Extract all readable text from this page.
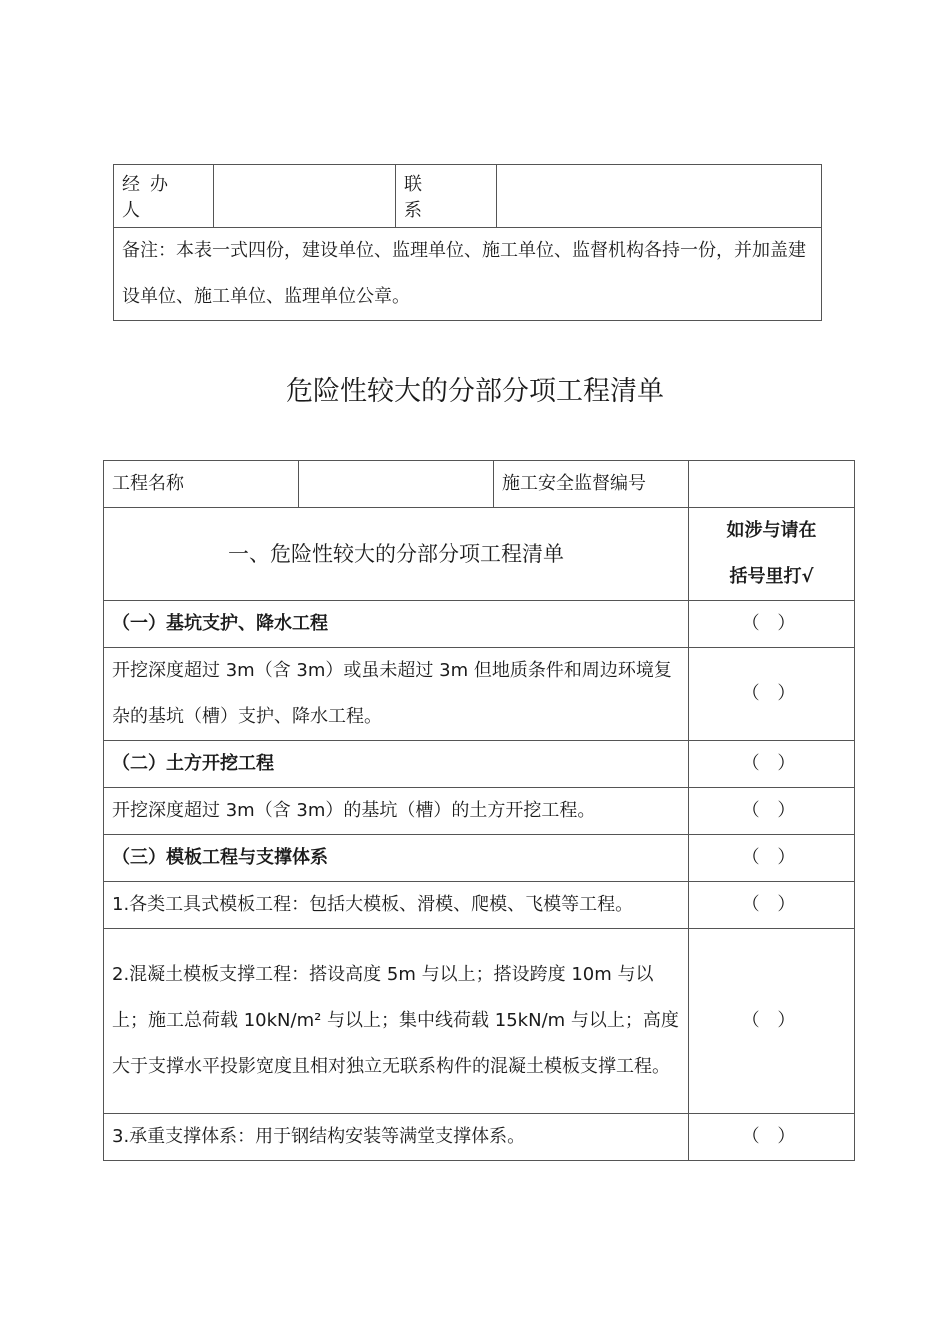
经办人		联系	
备注：本表一式四份，建设单位、监理单位、施工单位、监督机构各持一份，并加盖建设单位、施工单位、监理单位公章。
危险性较大的分部分项工程清单
工程名称		施工安全监督编号	
一、危险性较大的分部分项工程清单			如涉与请在
括号里打√

（一）基坑支护、降水工程			（ ）
开挖深度超过 3m（含 3m）或虽未超过 3m 但地质条件和周边环境复杂的基坑（槽）支护、降水工程。			（ ）
（二）土方开挖工程			（ ）
开挖深度超过 3m（含 3m）的基坑（槽）的土方开挖工程。			（ ）
（三）模板工程与支撑体系			（ ）
1.各类工具式模板工程：包括大模板、滑模、爬模、飞模等工程。			（ ）
2.混凝土模板支撑工程：搭设高度 5m 与以上；搭设跨度 10m 与以上；施工总荷载 10kN/m² 与以上；集中线荷载 15kN/m 与以上；高度大于支撑水平投影宽度且相对独立无联系构件的混凝土模板支撑工程。			（ ）
3.承重支撑体系：用于钢结构安装等满堂支撑体系。			（ ）
